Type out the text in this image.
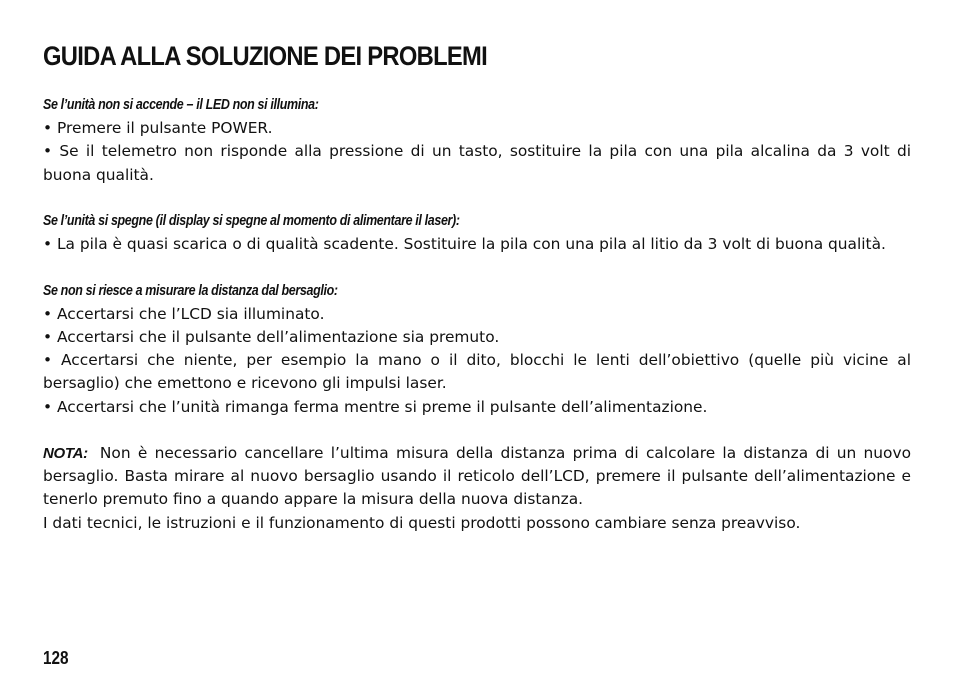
GUIDA ALLA SOLUZIONE DEI PROBLEMI

Se l’unità non si accende – il LED non si illumina:

• Premere il pulsante POWER.

• Se il telemetro non risponde alla pressione di un tasto, sostituire la pila con una pila alcalina da 3 volt di buona qualità.

Se l’unità si spegne (il display si spegne al momento di alimentare il laser):

• La pila è quasi scarica o di qualità scadente. Sostituire la pila con una pila al litio da 3 volt di buona qualità.

Se non si riesce a misurare la distanza dal bersaglio:

• Accertarsi che l’LCD sia illuminato.

• Accertarsi che il pulsante dell’alimentazione sia premuto.

• Accertarsi che niente, per esempio la mano o il dito, blocchi le lenti dell’obiettivo (quelle più vicine al bersaglio) che emettono e ricevono gli impulsi laser.

• Accertarsi che l’unità rimanga ferma mentre si preme il pulsante dell’alimentazione.

NOTA: Non è necessario cancellare l’ultima misura della distanza prima di calcolare la distanza di un nuovo bersaglio. Basta mirare al nuovo bersaglio usando il reticolo dell’LCD, premere il pulsante dell’alimentazione e tenerlo premuto fino a quando appare la misura della nuova distanza.

I dati tecnici, le istruzioni e il funzionamento di questi prodotti possono cambiare senza preavviso.

128
